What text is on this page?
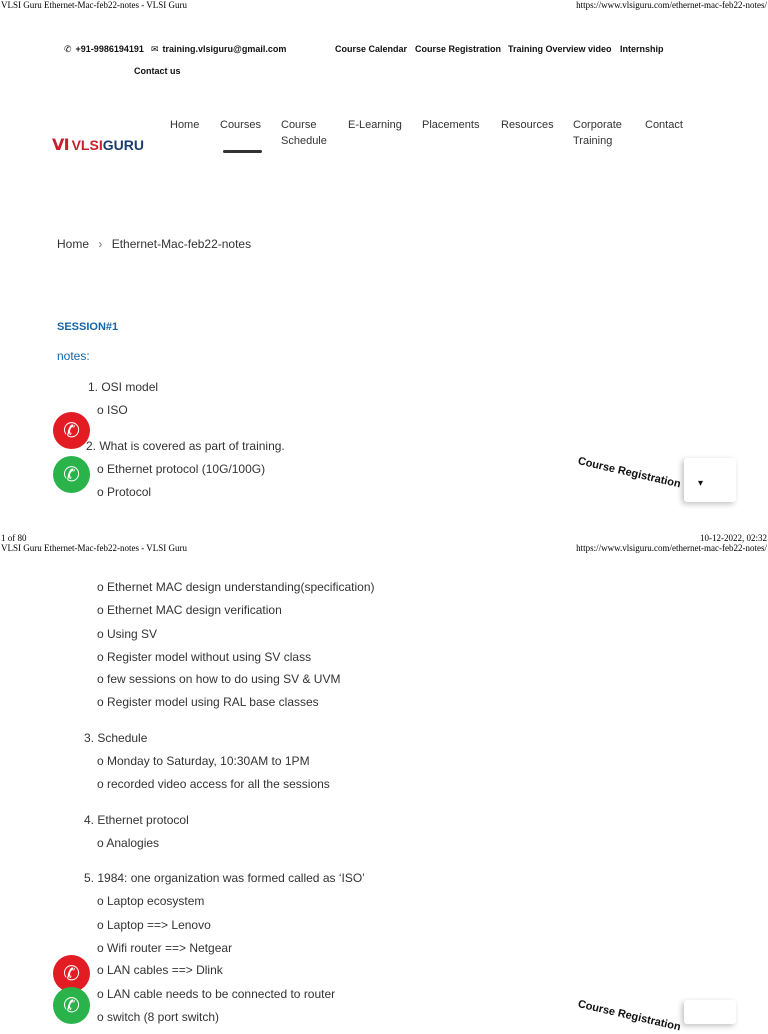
VLSI Guru Ethernet-Mac-feb22-notes - VLSI Guru	https://www.vlsiguru.com/ethernet-mac-feb22-notes/
✆ +91-9986194191 ✉ training.vlsiguru@gmail.com	Course Calendar Course Registration Training Overview video Internship
Contact us
Ⅵ VLSI GURU
Home Courses Course Schedule
E-Learning Placements Resources Corporate Training
Contact
Home › Ethernet-Mac-feb22-notes
SESSION#1
notes:
1. OSI model
o ISO
2. What is covered as part of training.
o Ethernet protocol (10G/100G)
o Protocol
✆
✆	Course Registration ▾
1 of 80	10-12-2022, 02:32
VLSI Guru Ethernet-Mac-feb22-notes - VLSI Guru	https://www.vlsiguru.com/ethernet-mac-feb22-notes/
o Ethernet MAC design understanding(specification)
o Ethernet MAC design verification
o Using SV
o Register model without using SV class
o few sessions on how to do using SV & UVM
o Register model using RAL base classes
3. Schedule
o Monday to Saturday, 10:30AM to 1PM
o recorded video access for all the sessions
4. Ethernet protocol
o Analogies
5. 1984: one organization was formed called as ‘ISO’
o Laptop ecosystem
o Laptop ==> Lenovo
o Wifi router ==> Netgear
o LAN cables ==> Dlink
o LAN cable needs to be connected to router
o switch (8 port switch)
✆
✆	Course Registration
